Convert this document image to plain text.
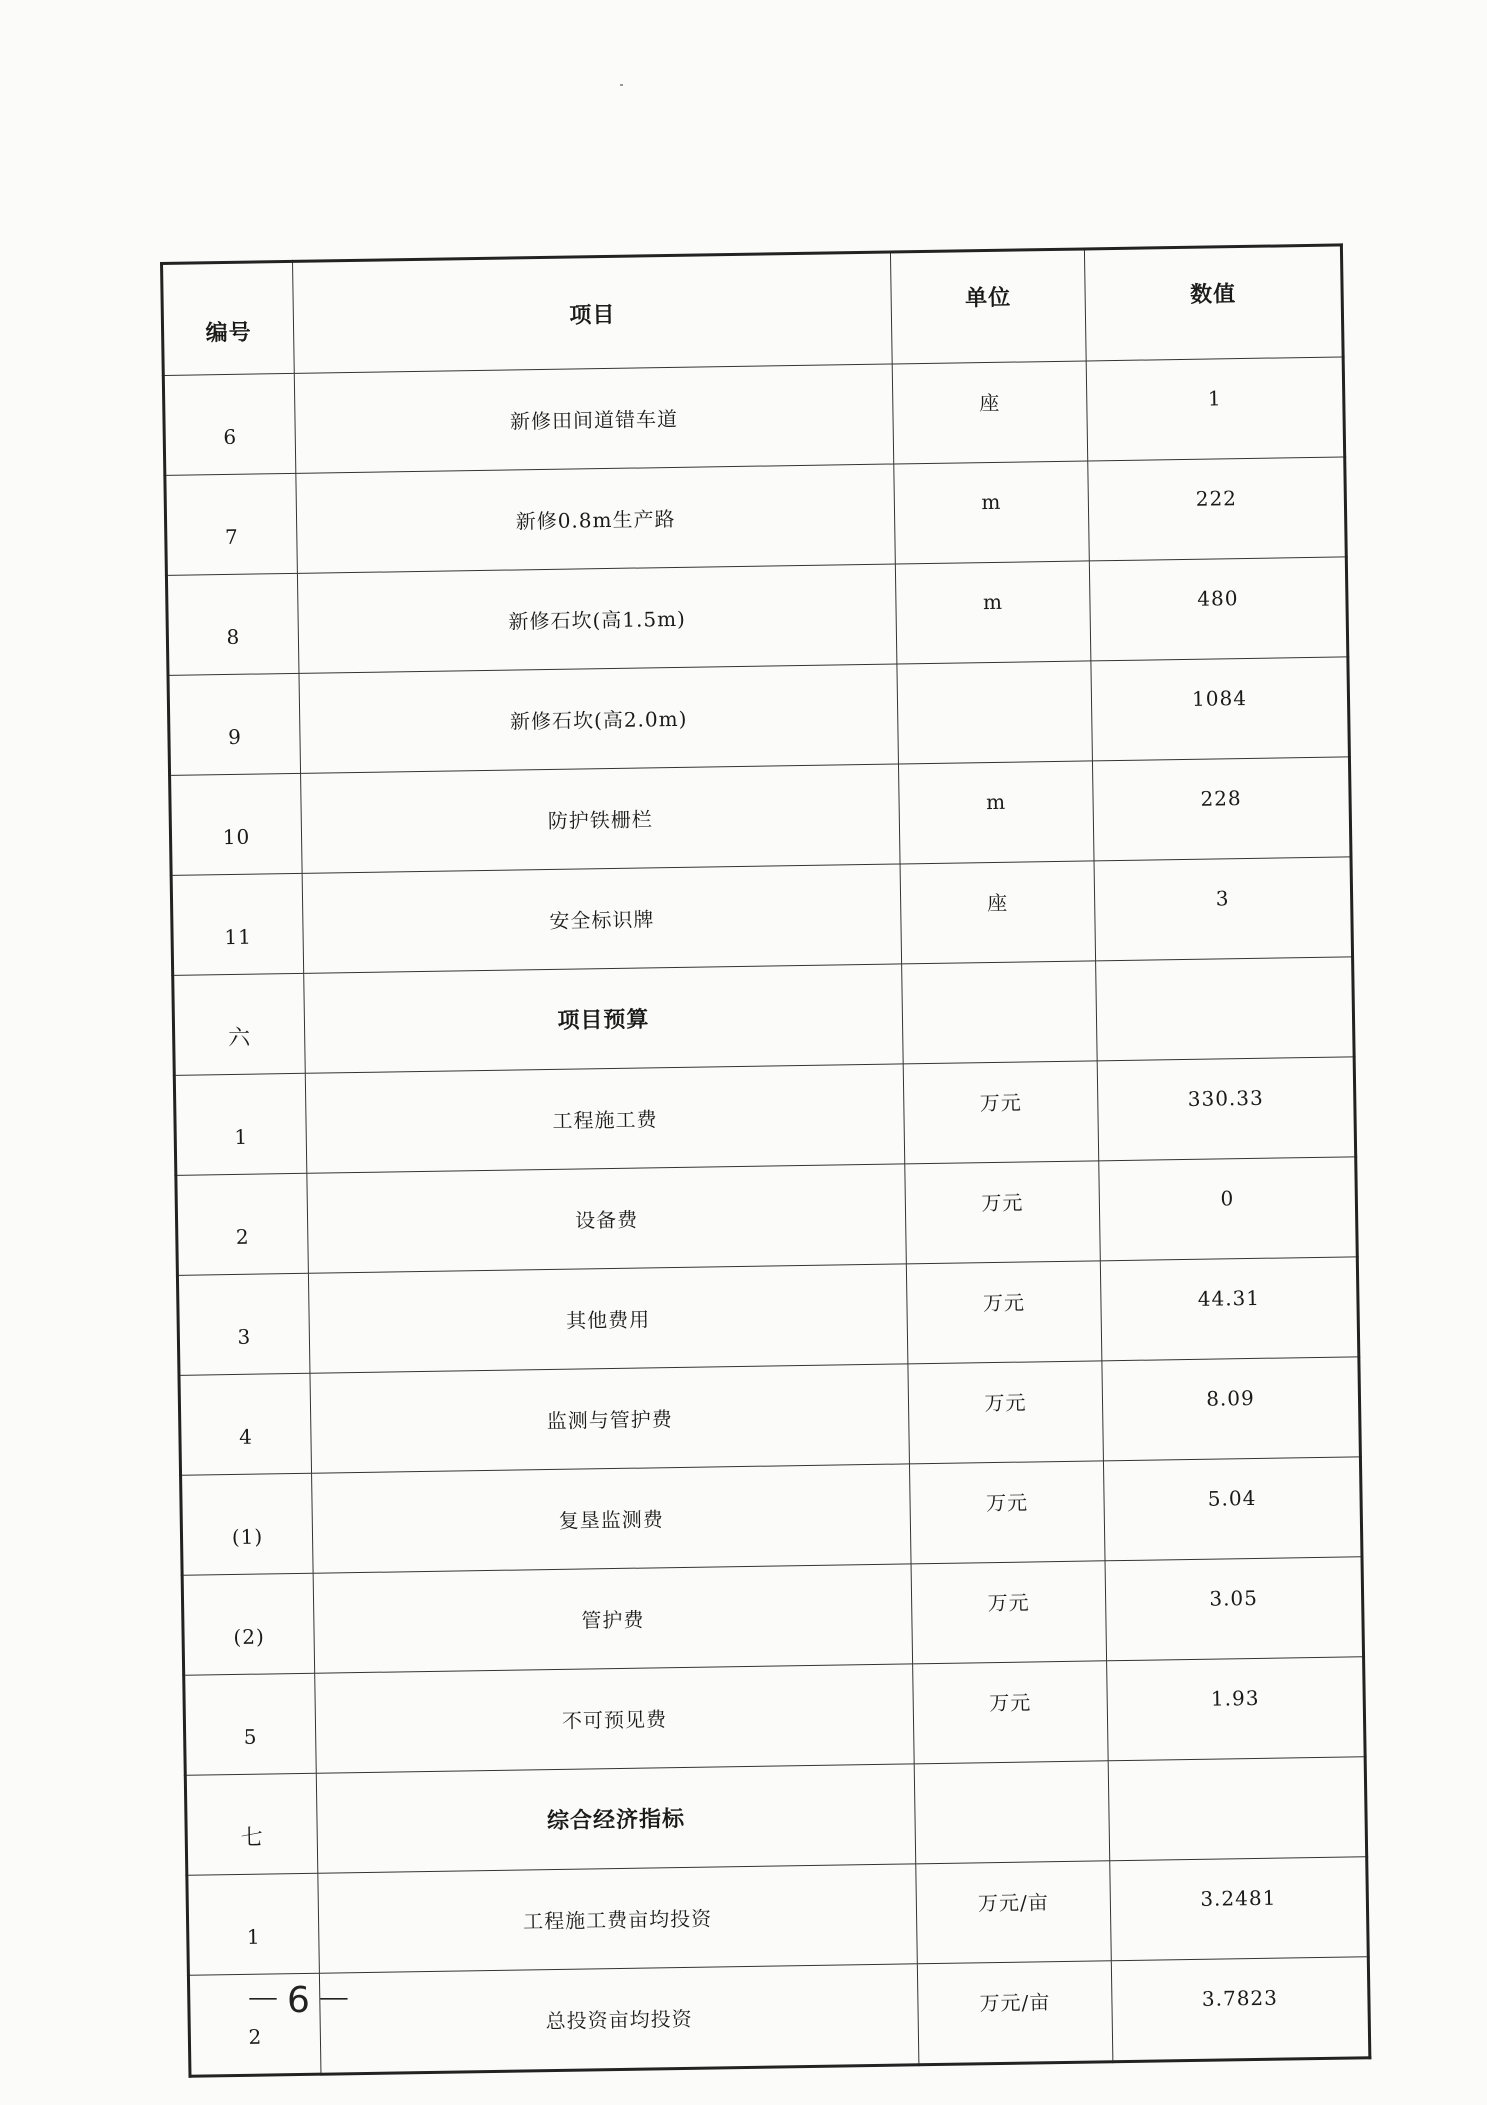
编号	项目	单位	数值
6	新修田间道错车道	座	1
7	新修0.8m生产路	m	222
8	新修石坎(高1.5m)	m	480
9	新修石坎(高2.0m)		1084
10	防护铁栅栏	m	228
11	安全标识牌	座	3
六	项目预算		
1	工程施工费	万元	330.33
2	设备费	万元	0
3	其他费用	万元	44.31
4	监测与管护费	万元	8.09
(1)	复垦监测费	万元	5.04
(2)	管护费	万元	3.05
5	不可预见费	万元	1.93
七	综合经济指标		
1	工程施工费亩均投资	万元/亩	3.2481
2	总投资亩均投资	万元/亩	3.7823
－6－
